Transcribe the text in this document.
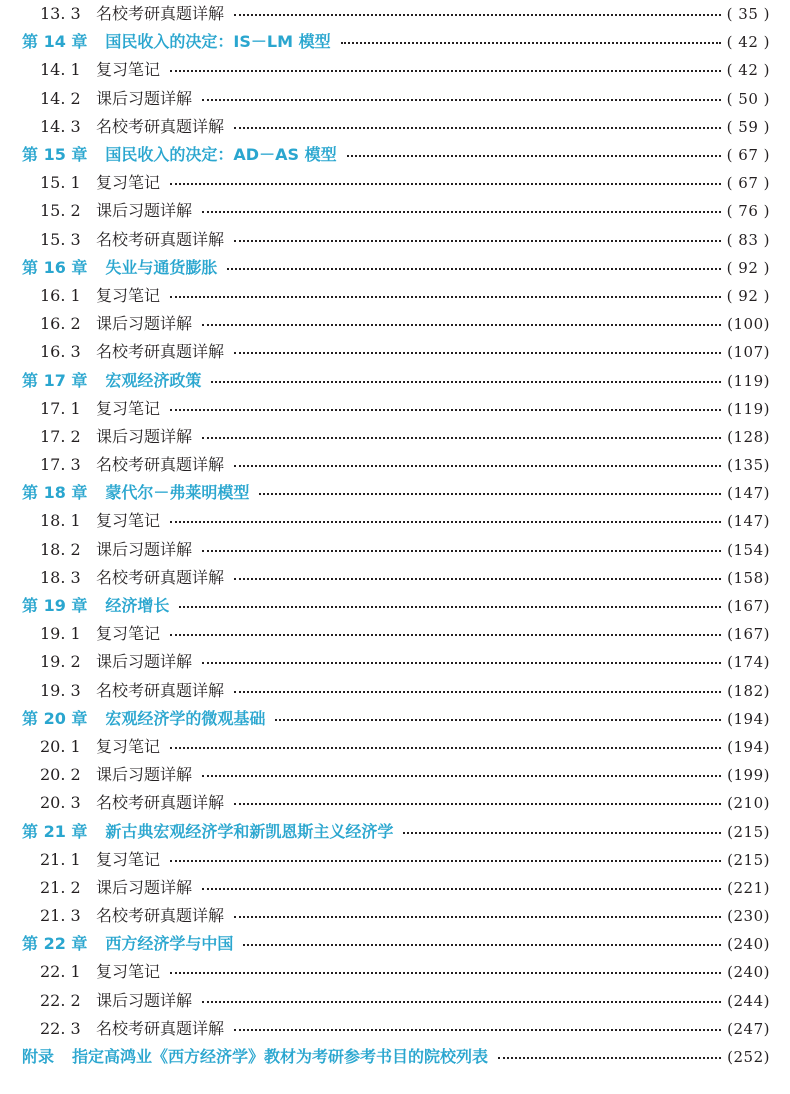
13. 3 名校考研真题详解	( 35 )
第 14 章 国民收入的决定：IS－LM 模型	( 42 )
14. 1 复习笔记	( 42 )
14. 2 课后习题详解	( 50 )
14. 3 名校考研真题详解	( 59 )
第 15 章 国民收入的决定：AD－AS 模型	( 67 )
15. 1 复习笔记	( 67 )
15. 2 课后习题详解	( 76 )
15. 3 名校考研真题详解	( 83 )
第 16 章 失业与通货膨胀	( 92 )
16. 1 复习笔记	( 92 )
16. 2 课后习题详解	(100)
16. 3 名校考研真题详解	(107)
第 17 章 宏观经济政策	(119)
17. 1 复习笔记	(119)
17. 2 课后习题详解	(128)
17. 3 名校考研真题详解	(135)
第 18 章 蒙代尔－弗莱明模型	(147)
18. 1 复习笔记	(147)
18. 2 课后习题详解	(154)
18. 3 名校考研真题详解	(158)
第 19 章 经济增长	(167)
19. 1 复习笔记	(167)
19. 2 课后习题详解	(174)
19. 3 名校考研真题详解	(182)
第 20 章 宏观经济学的微观基础	(194)
20. 1 复习笔记	(194)
20. 2 课后习题详解	(199)
20. 3 名校考研真题详解	(210)
第 21 章 新古典宏观经济学和新凯恩斯主义经济学	(215)
21. 1 复习笔记	(215)
21. 2 课后习题详解	(221)
21. 3 名校考研真题详解	(230)
第 22 章 西方经济学与中国	(240)
22. 1 复习笔记	(240)
22. 2 课后习题详解	(244)
22. 3 名校考研真题详解	(247)
附录 指定高鸿业《西方经济学》教材为考研参考书目的院校列表	(252)
